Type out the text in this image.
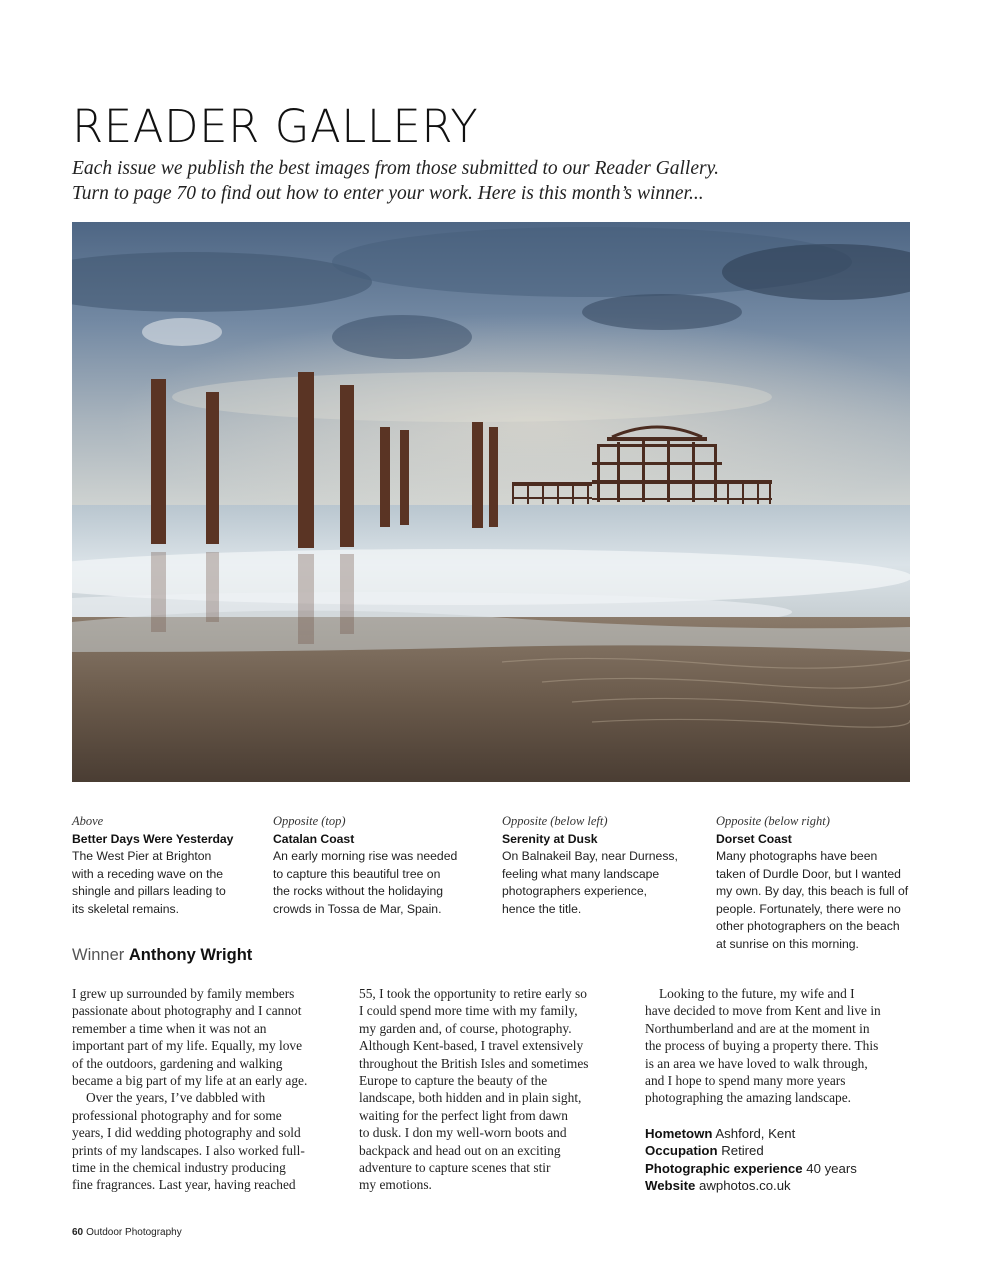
READER GALLERY
Each issue we publish the best images from those submitted to our Reader Gallery.
Turn to page 70 to find out how to enter your work. Here is this month’s winner...
Above
Better Days Were Yesterday
The West Pier at Brighton
with a receding wave on the
shingle and pillars leading to
its skeletal remains.
Opposite (top)
Catalan Coast
An early morning rise was needed
to capture this beautiful tree on
the rocks without the holidaying
crowds in Tossa de Mar, Spain.
Opposite (below left)
Serenity at Dusk
On Balnakeil Bay, near Durness,
feeling what many landscape
photographers experience,
hence the title.
Opposite (below right)
Dorset Coast
Many photographs have been
taken of Durdle Door, but I wanted
my own. By day, this beach is full of
people. Fortunately, there were no
other photographers on the beach
at sunrise on this morning.
Winner Anthony Wright
I grew up surrounded by family members
passionate about photography and I cannot
remember a time when it was not an
important part of my life. Equally, my love
of the outdoors, gardening and walking
became a big part of my life at an early age.
Over the years, I’ve dabbled with
professional photography and for some
years, I did wedding photography and sold
prints of my landscapes. I also worked full-
time in the chemical industry producing
fine fragrances. Last year, having reached
55, I took the opportunity to retire early so
I could spend more time with my family,
my garden and, of course, photography.
Although Kent-based, I travel extensively
throughout the British Isles and sometimes
Europe to capture the beauty of the
landscape, both hidden and in plain sight,
waiting for the perfect light from dawn
to dusk. I don my well-worn boots and
backpack and head out on an exciting
adventure to capture scenes that stir
my emotions.
Looking to the future, my wife and I
have decided to move from Kent and live in
Northumberland and are at the moment in
the process of buying a property there. This
is an area we have loved to walk through,
and I hope to spend many more years
photographing the amazing landscape.
Hometown Ashford, Kent
Occupation Retired
Photographic experience 40 years
Website awphotos.co.uk
60 Outdoor Photography
